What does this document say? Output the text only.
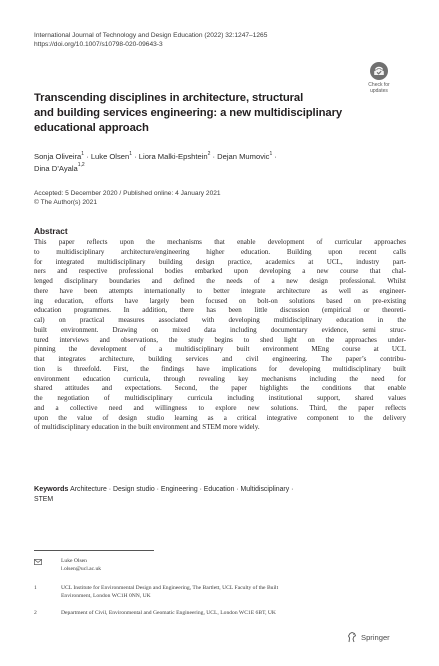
International Journal of Technology and Design Education (2022) 32:1247–1265
https://doi.org/10.1007/s10798-020-09643-3
Check for
updates
Transcending disciplines in architecture, structural
and building services engineering: a new multidisciplinary
educational approach
Sonja Oliveira$^1$ · Luke Olsen$^1$ · Liora Malki‑Epshtein$^2$ · Dejan Mumovic$^1$ ·
Dina D’Ayala$^{1,2}$
Accepted: 5 December 2020 / Published online: 4 January 2021
© The Author(s) 2021
Abstract
This paper reflects upon the mechanisms that enable development of curricular approaches
to multidisciplinary architecture/engineering higher education. Building upon recent calls
for integrated multidisciplinary building design practice, academics at UCL, industry part-
ners and respective professional bodies embarked upon developing a new course that chal-
lenged disciplinary boundaries and defined the needs of a new design professional. Whilst
there have been attempts internationally to better integrate architecture as well as engineer-
ing education, efforts have largely been focused on bolt-on solutions based on pre-existing
education programmes. In addition, there has been little discussion (empirical or theoreti-
cal) on practical measures associated with developing multidisciplinary education in the
built environment. Drawing on mixed data including documentary evidence, semi struc-
tured interviews and observations, the study begins to shed light on the approaches under-
pinning the development of a multidisciplinary built environment MEng course at UCL
that integrates architecture, building services and civil engineering. The paper’s contribu-
tion is threefold. First, the findings have implications for developing multidisciplinary built
environment education curricula, through revealing key mechanisms including the need for
shared attitudes and expectations. Second, the paper highlights the conditions that enable
the negotiation of multidisciplinary curricula including institutional support, shared values
and a collective need and willingness to explore new solutions. Third, the paper reflects
upon the value of design studio learning as a critical integrative component to the delivery
of multidisciplinary education in the built environment and STEM more widely.
Keywords Architecture · Design studio · Engineering · Education · Multidisciplinary ·
STEM
Luke Olsen
l.olsen@ucl.ac.uk
1	UCL Institute for Environmental Design and Engineering, The Bartlett, UCL Faculty of the Built
Environment, London WC1H 0NN, UK
2	Department of Civil, Environmental and Geomatic Engineering, UCL, London WC1E 6BT, UK
Springer
